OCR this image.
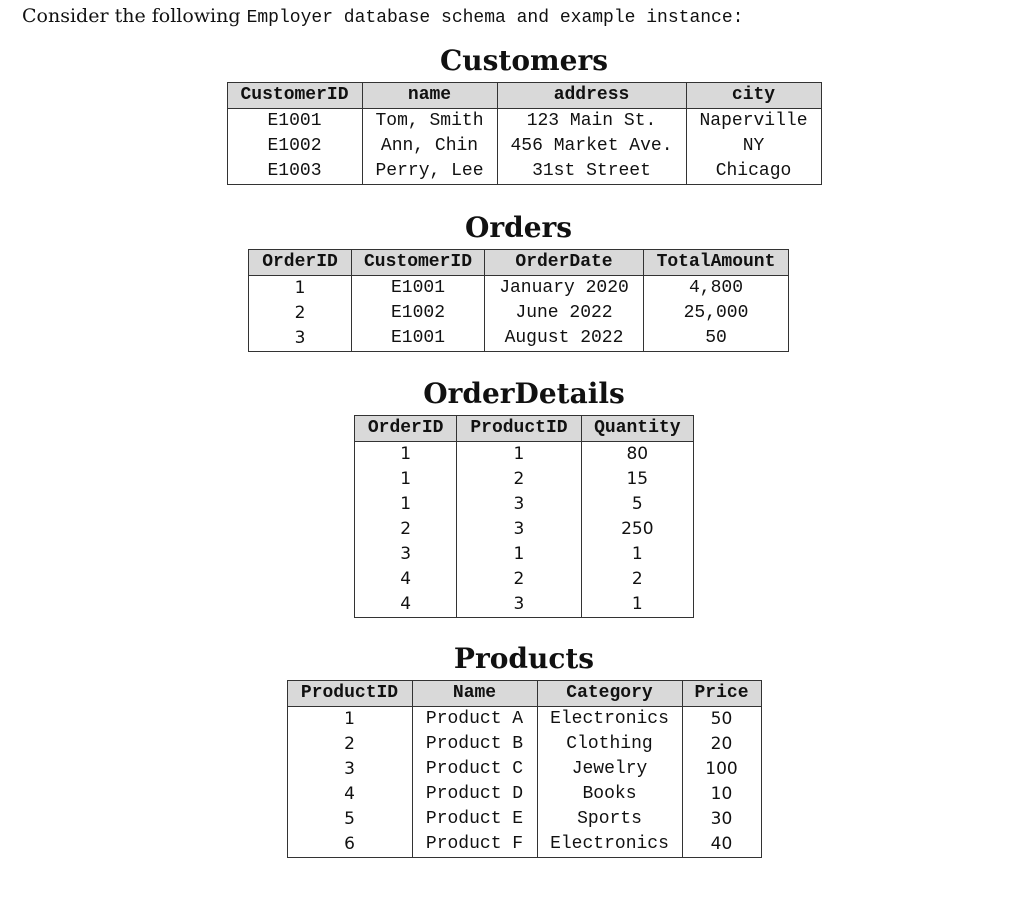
Consider the following Employer database schema and example instance:
Customers
CustomerID	name	address	city
E1001	Tom, Smith	123 Main St.	Naperville
E1002	Ann, Chin	456 Market Ave.	NY
E1003	Perry, Lee	31st Street	Chicago
Orders
OrderID	CustomerID	OrderDate	TotalAmount
1	E1001	January 2020	4,800
2	E1002	June 2022	25,000
3	E1001	August 2022	50
OrderDetails
OrderID	ProductID	Quantity
1	1	80
1	2	15
1	3	5
2	3	250
3	1	1
4	2	2
4	3	1
Products
ProductID	Name	Category	Price
1	Product A	Electronics	50
2	Product B	Clothing	20
3	Product C	Jewelry	100
4	Product D	Books	10
5	Product E	Sports	30
6	Product F	Electronics	40
